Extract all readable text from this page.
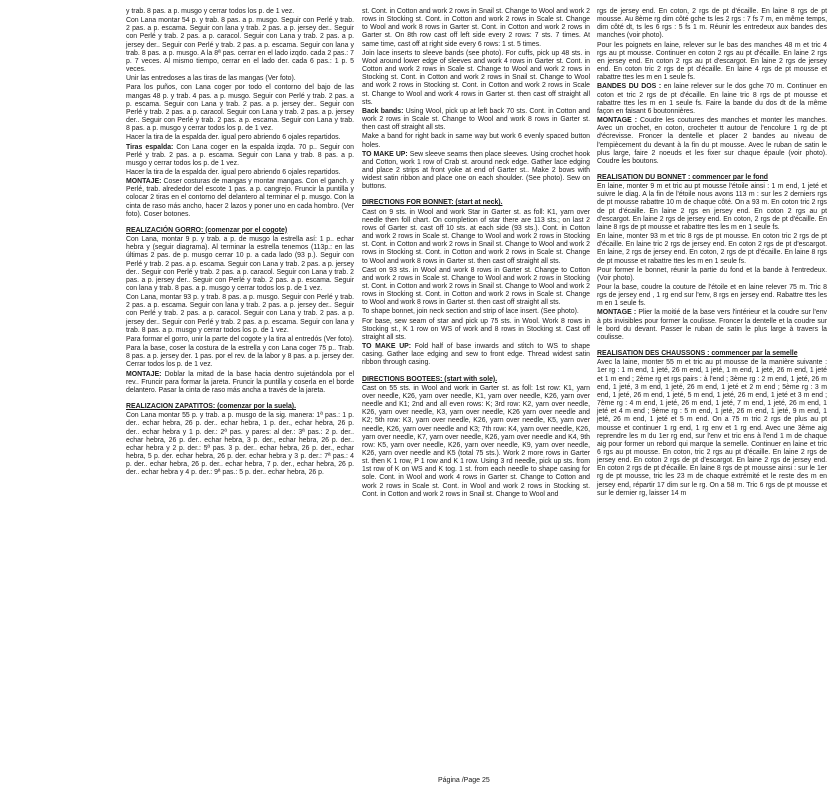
y trab. 8 pas. a p. musgo y cerrar todos los p. de 1 vez.

Con Lana montar 54 p. y trab. 8 pas. a p. musgo. Seguir con Perlé y trab. 2 pas. a p. escama. Seguir con lana y trab. 2 pas. a p. jersey der.. Seguir con Perlé y trab. 2 pas. a p. caracol. Seguir con Lana y trab. 2 pas. a p. jersey der.. Seguir con Perlé y trab. 2 pas. a p. escama. Seguir con lana y trab. 8 pas. a p. musgo. A la 8ª pas. cerrar en el lado izqdo. cada 2 pas.: 7 p. 7 veces. Al mismo tiempo, cerrar en el lado der. cada 6 pas.: 1 p. 5 veces.

Unir las entredoses a las tiras de las mangas (Ver foto).

Para los puños, con Lana coger por todo el contorno del bajo de las mangas 48 p. y trab. 4 pas. a p. musgo. Seguir con Perlé y trab. 2 pas. a p. escama. Seguir con Lana y trab. 2 pas. a p. jersey der.. Seguir con Perlé y trab. 2 pas. a p. caracol. Seguir con Lana y trab. 2 pas. a p. jersey der.. Seguir con Perlé y trab. 2 pas. a p. escama. Seguir con Lana y trab. 8 pas. a p. musgo y cerrar todos los p. de 1 vez.

Hacer la tira de la espalda der. igual pero abriendo 6 ojales repartidos.

Tiras espalda: Con Lana coger en la espalda izqda. 70 p.. Seguir con Perlé y trab. 2 pas. a p. escama. Seguir con Lana y trab. 8 pas. a p. musgo y cerrar todos los p. de 1 vez.

Hacer la tira de la espalda der. igual pero abriendo 6 ojales repartidos.

MONTAJE: Coser costuras de mangas y montar mangas. Con el ganch. y Perlé, trab. alrededor del escote 1 pas. a p. cangrejo. Fruncir la puntilla y colocar 2 tiras en el contorno del delantero al terminar el p. musgo. Con la cinta de raso más ancho, hacer 2 lazos y poner uno en cada hombro. (Ver foto). Coser botones.

REALIZACIÓN GORRO: (comenzar por el cogote)

Con Lana, montar 9 p. y trab. a p. de musgo la estrella así: 1 p.. echar hebra y (seguir diagrama). Al terminar la estrella tenemos (113p.: en las últimas 2 pas. de p. musgo cerrar 10 p. a cada lado (93 p.). Seguir con Perlé y trab. 2 pas. a p. escama. Seguir con Lana y trab. 2 pas. a p. jersey der.. Seguir con Perlé y trab. 2 pas. a p. caracol. Seguir con Lana y trab. 2 pas. a p. jersey der.. Seguir con Perlé y trab. 2 pas. a p. escama. Seguir con lana y trab. 8 pas. a p. musgo y cerrar todos los p. de 1 vez.

Con Lana, montar 93 p. y trab. 8 pas. a p. musgo. Seguir con Perlé y trab. 2 pas. a p. escama. Seguir con lana y trab. 2 pas. a p. jersey der.. Seguir con Perlé y trab. 2 pas. a p. caracol. Seguir con Lana y trab. 2 pas. a p. jersey der.. Seguir con Perlé y trab. 2 pas. a p. escama. Seguir con lana y trab. 8 pas. a p. musgo y cerrar todos los p. de 1 vez.

Para formar el gorro, unir la parte del cogote y la tira al entredós (Ver foto).

Para la base, coser la costura de la estrella y con Lana coger 75 p.. Trab. 8 pas. a p. jersey der. 1 pas. por el rev. de la labor y 8 pas. a p. jersey der. Cerrar todos los p. de 1 vez.

MONTAJE: Doblar la mitad de la base hacia dentro sujetándola por el rev.. Fruncir para formar la jareta. Fruncir la puntilla y coserla en el borde delantero. Pasar la cinta de raso más ancha a través de la jareta.

REALIZACION ZAPATITOS: (comenzar por la suela).

Con Lana montar 55 p. y trab. a p. musgo de la sig. manera: 1ª pas.: 1 p. der.. echar hebra, 26 p. der.. echar hebra, 1 p. der., echar hebra, 26 p. der.. echar hebra y 1 p. der.: 2ª pas. y pares: al der.: 3ª pas.: 2 p. der.. echar hebra, 26 p. der.. echar hebra, 3 p. der., echar hebra, 26 p. der.. echar hebra y 2 p. der.: 5ª pas. 3 p. der.. echar hebra, 26 p. der., echar hebra, 5 p. der. echar hebra, 26 p. der. echar hebra y 3 p. der.: 7ª pas.: 4 p. der.. echar hebra, 26 p. der.. echar hebra, 7 p. der., echar hebra, 26 p. der.. echar hebra y 4 p. der.: 9ª pas.: 5 p. der.. echar hebra, 26 p.

st. Cont. in Cotton and work 2 rows in Snail st. Change to Wool and work 2 rows in Stocking st. Cont. in Cotton and work 2 rows in Scale st. Change to Wool and work 8 rows in Garter st. Cont. in Cotton and work 2 rows in Garter st. On 8th row cast off left side every 2 rows: 7 sts. 7 times. At same time, cast off at right side every 6 rows: 1 st. 5 times.

Join lace inserts to sleeve bands (see photo). For cuffs, pick up 48 sts. in Wool around lower edge of sleeves and work 4 rows in Garter st. Cont. in Cotton and work 2 rows in Scale st. Change to Wool and work 2 rows in Stocking st. Cont. in Cotton and work 2 rows in Snail st. Change to Wool and work 2 rows in Stocking st. Cont. in Cotton and work 2 rows in Scale st. Change to Wool and work 4 rows in Garter st. then cast off straight all sts.

Back bands: Using Wool, pick up at left back 70 sts. Cont. in Cotton and work 2 rows in Scale st. Change to Wool and work 8 rows in Garter st. then cast off straight all sts.

Make a band for right back in same way but work 6 evenly spaced button holes.

TO MAKE UP: Sew sleeve seams then place sleeves. Using crochet hook and Cotton, work 1 row of Crab st. around neck edge. Gather lace edging and place 2 strips at front yoke at end of Garter st.. Make 2 bows with widest satin ribbon and place one on each shoulder. (See photo). Sew on buttons.

DIRECTIONS FOR BONNET: (start at neck).

Cast on 9 sts. in Wool and work Star in Garter st. as foll: K1, yarn over needle then foll chart. On completion of star there are 113 sts.; on last 2 rows of Garter st. cast off 10 sts. at each side (93 sts.). Cont. in Cotton and work 2 rows in Scale st. Change to Wool and work 2 rows in Stocking st. Cont. in Cotton and work 2 rows in Snail st. Change to Wool and work 2 rows in Stocking st. Cont. in Cotton and work 2 rows in Scale st. Change to Wool and work 8 rows in Garter st. then cast off straight all sts.

Cast on 93 sts. in Wool and work 8 rows in Garter st. Change to Cotton and work 2 rows in Scale st. Change to Wool and work 2 rows in Stocking st. Cont. in Cotton and work 2 rows in Snail st. Change to Wool and work 2 rows in Stocking st. Cont. in Cotton and work 2 rows in Scale st. Change to Wool and work 8 rows in Garter st. then cast off straight all sts.

To shape bonnet, join neck section and strip of lace insert. (See photo).

For base, sew seam of star and pick up 75 sts. in Wool. Work 8 rows in Stocking st., K 1 row on WS of work and 8 rows in Stocking st. Cast off straight all sts.

TO MAKE UP: Fold half of base inwards and stitch to WS to shape casing. Gather lace edging and sew to front edge. Thread widest satin ribbon through casing.

DIRECTIONS BOOTEES: (start with sole).

Cast on 55 sts. in Wool and work in Garter st. as foll: 1st row: K1, yarn over needle, K26, yarn over needle, K1, yarn over needle, K26, yarn over needle and K1; 2nd and all even rows: K; 3rd row: K2, yarn over needle, K26, yarn over needle, K3, yarn over needle, K26 yarn over needle and K2; 5th row: K3, yarn over needle, K26, yarn over needle, K5, yarn over needle, K26, yarn over needle and K3; 7th row: K4, yarn over needle, K26, yarn over needle, K7, yarn over needle, K26, yarn over needle and K4, 9th row: K5, yarn over needle, K26, yarn over needle, K9, yarn over needle, K26, yarn over needle and K5 (total 75 sts.). Work 2 more rows in Garter st. then K 1 row, P 1 row and K 1 row. Using 3 rd needle, pick up sts. from 1st row of K on WS and K tog. 1 st. from each needle to shape casing for sole. Cont. in Wool and work 4 rows in Garter st. Change to Cotton and work 2 rows in Scale st. Cont. in Wool and work 2 rows in Stocking st. Cont. in Cotton and work 2 rows in Snail st. Change to Wool and

rgs de jersey end. En coton, 2 rgs de pt d'écaille. En laine 8 rgs de pt mousse. Au 8ème rg dim côté gche ts les 2 rgs : 7 fs 7 m, en même temps, dim côté dt, ts les 6 rgs : 5 fs 1 m. Réunir les entredeux aux bandes des manches (voir photo).

Pour les poignets en laine, relever sur le bas des manches 48 m et tric 4 rgs au pt mousse. Continuer en coton 2 rgs au pt d'écaille. En laine 2 rgs en jersey end. En coton 2 rgs au pt d'escargot. En laine 2 rgs de jersey end. En coton tric 2 rgs de pt d'écaille. En laine 4 rgs de pt mousse et rabattre ttes les m en 1 seule fs.

BANDES DU DOS : en laine relever sur le dos gche 70 m. Continuer en coton et tric 2 rgs de pt d'écaille. En laine tric 8 rgs de pt mousse et rabattre ttes les m en 1 seule fs. Faire la bande du dos dt de la même façon en faisant 6 boutonnières.

MONTAGE : Coudre les coutures des manches et monter les manches. Avec un crochet, en coton, crocheter tt autour de l'encolure 1 rg de pt d'écrevisse. Froncer la dentelle et placer 2 bandes au niveau de l'empiècement du devant à la fin du pt mousse. Avec le ruban de satin le plus large, faire 2 noeuds et les fixer sur chaque épaule (voir photo). Coudre les boutons.

REALISATION DU BONNET : commencer par le fond

En laine, monter 9 m et tric au pt mousse l'étoile ainsi : 1 m end, 1 jeté et suivre le diag. A la fin de l'étoile nous avons 113 m : sur les 2 derniers rgs de pt mousse rabattre 10 m de chaque côté. On a 93 m. En coton tric 2 rgs de pt d'écaille. En laine 2 rgs en jersey end. En coton 2 rgs au pt d'escargot. En laine 2 rgs de jersey end. En coton, 2 rgs de pt d'écaille. En laine 8 rgs de pt mousse et rabattre ttes les m en 1 seule fs.

En laine, monter 93 m et tric 8 rgs de pt mousse. En coton tric 2 rgs de pt d'écaille. En laine tric 2 rgs de jersey end. En coton 2 rgs de pt d'escargot. En laine, 2 rgs de jersey end. En coton, 2 rgs de pt d'écaille. En laine 8 rgs de pt mousse et rabattre ttes les m en 1 seule fs.

Pour former le bonnet, réunir la partie du fond et la bande à l'entredeux. (Voir photo).

Pour la base, coudre la couture de l'étoile et en laine relever 75 m. Tric 8 rgs de jersey end , 1 rg end sur l'env, 8 rgs en jersey end. Rabattre ttes les m en 1 seule fs.

MONTAGE : Plier la moitié de la base vers l'intérieur et la coudre sur l'env à pts invisibles pour former la coulisse. Froncer la dentelle et la coudre sur le bord du devant. Passer le ruban de satin le plus large à travers la coulisse.

REALISATION DES CHAUSSONS : commencer par la semelle

Avec la laine, monter 55 m et tric au pt mousse de la manière suivante : 1er rg : 1 m end, 1 jeté, 26 m end, 1 jeté, 1 m end, 1 jeté, 26 m end, 1 jeté et 1 m end ; 2ème rg et rgs pairs : à l'end ; 3ème rg : 2 m end, 1 jeté, 26 m end, 1 jeté, 3 m end, 1 jeté, 26 m end, 1 jeté et 2 m end ; 5ème rg : 3 m end, 1 jeté, 26 m end, 1 jeté, 5 m end, 1 jeté, 26 m end, 1 jeté et 3 m end ; 7ème rg : 4 m end, 1 jeté, 26 m end, 1 jeté, 7 m end, 1 jeté, 26 m end, 1 jeté et 4 m end ; 9ème rg : 5 m end, 1 jeté, 26 m end, 1 jeté, 9 m end, 1 jeté, 26 m end, 1 jeté et 5 m end. On a 75 m tric 2 rgs de plus au pt mousse et continuer 1 rg end, 1 rg env et 1 rg end. Avec une 3ème aig reprendre les m du 1er rg end, sur l'env et tric ens à l'end 1 m de chaque aig pour former un rebord qui marque la semelle. Continuer en laine et tric 6 rgs au pt mousse. En coton, tric 2 rgs au pt d'écaille. En laine 2 rgs de jersey end. En coton 2 rgs de pt d'escargot. En laine 2 rgs de jersey end. En coton 2 rgs de pt d'écaille. En laine 8 rgs de pt mousse ainsi : sur le 1er rg de pt mousse, tric les 23 m de chaque extrémité et le reste des m en jersey end, répartir 17 dim sur le rg. On a 58 m. Tric 6 rgs de pt mousse et sur le dernier rg, laisser 14 m

Página /Page 25
